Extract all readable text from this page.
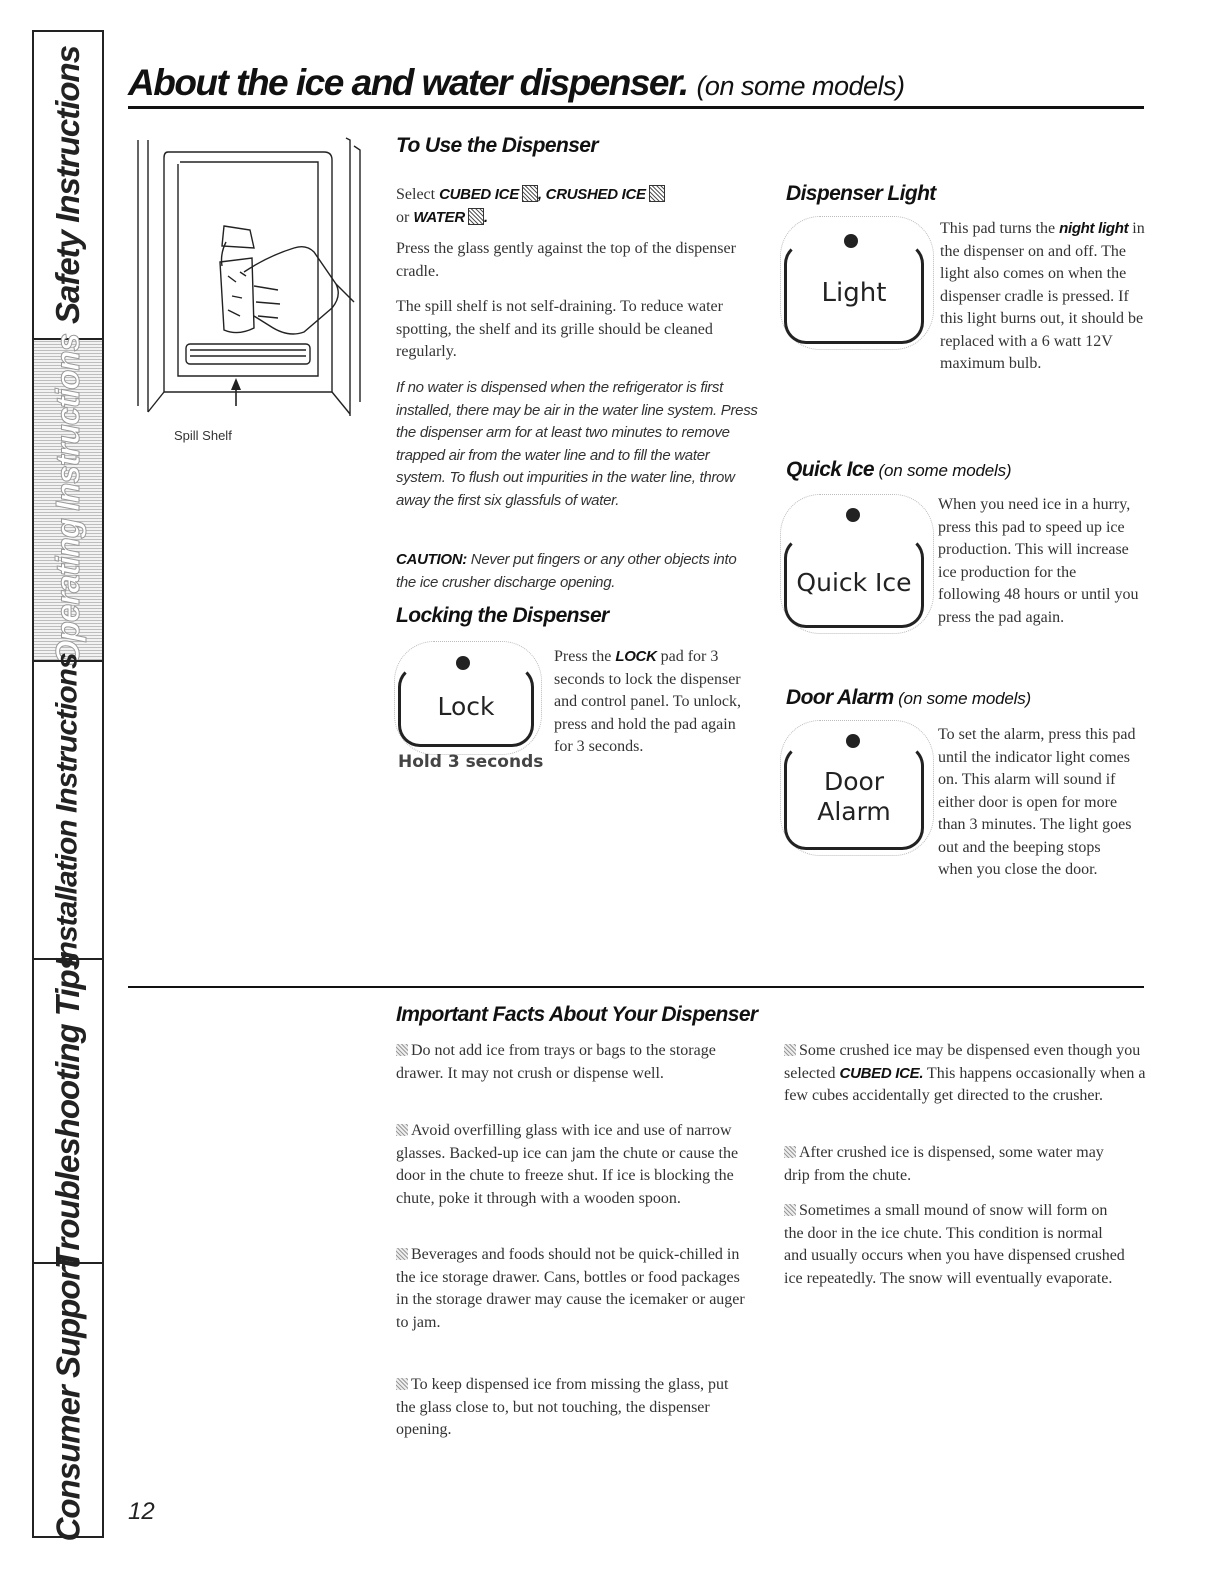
Safety Instructions
Operating Instructions
Installation Instructions
Troubleshooting Tips
Consumer Support
About the ice and water dispenser. (on some models)
Spill Shelf
To Use the Dispenser
Select CUBED ICE , CRUSHED ICE
or WATER .
Press the glass gently against the top of the dispenser cradle.
The spill shelf is not self-draining. To reduce water spotting, the shelf and its grille should be cleaned regularly.
If no water is dispensed when the refrigerator is first installed, there may be air in the water line system. Press the dispenser arm for at least two minutes to remove trapped air from the water line and to fill the water system. To flush out impurities in the water line, throw away the first six glassfuls of water.
CAUTION: Never put fingers or any other objects into the ice crusher discharge opening.
Locking the Dispenser
Lock
Hold 3 seconds
Press the LOCK pad for 3 seconds to lock the dispenser and control panel. To unlock, press and hold the pad again for 3 seconds.
Dispenser Light
Light
This pad turns the night light in the dispenser on and off. The light also comes on when the dispenser cradle is pressed. If this light burns out, it should be replaced with a 6 watt 12V maximum bulb.
Quick Ice (on some models)
Quick Ice
When you need ice in a hurry, press this pad to speed up ice production. This will increase ice production for the following 48 hours or until you press the pad again.
Door Alarm (on some models)
Door
Alarm
To set the alarm, press this pad until the indicator light comes on. This alarm will sound if either door is open for more than 3 minutes. The light goes out and the beeping stops when you close the door.
Important Facts About Your Dispenser
Do not add ice from trays or bags to the storage drawer. It may not crush or dispense well.
Avoid overfilling glass with ice and use of narrow glasses. Backed-up ice can jam the chute or cause the door in the chute to freeze shut. If ice is blocking the chute, poke it through with a wooden spoon.
Beverages and foods should not be quick-chilled in the ice storage drawer. Cans, bottles or food packages in the storage drawer may cause the icemaker or auger to jam.
To keep dispensed ice from missing the glass, put the glass close to, but not touching, the dispenser opening.
Some crushed ice may be dispensed even though you selected CUBED ICE. This happens occasionally when a few cubes accidentally get directed to the crusher.
After crushed ice is dispensed, some water may drip from the chute.
Sometimes a small mound of snow will form on the door in the ice chute. This condition is normal and usually occurs when you have dispensed crushed ice repeatedly. The snow will eventually evaporate.
12
